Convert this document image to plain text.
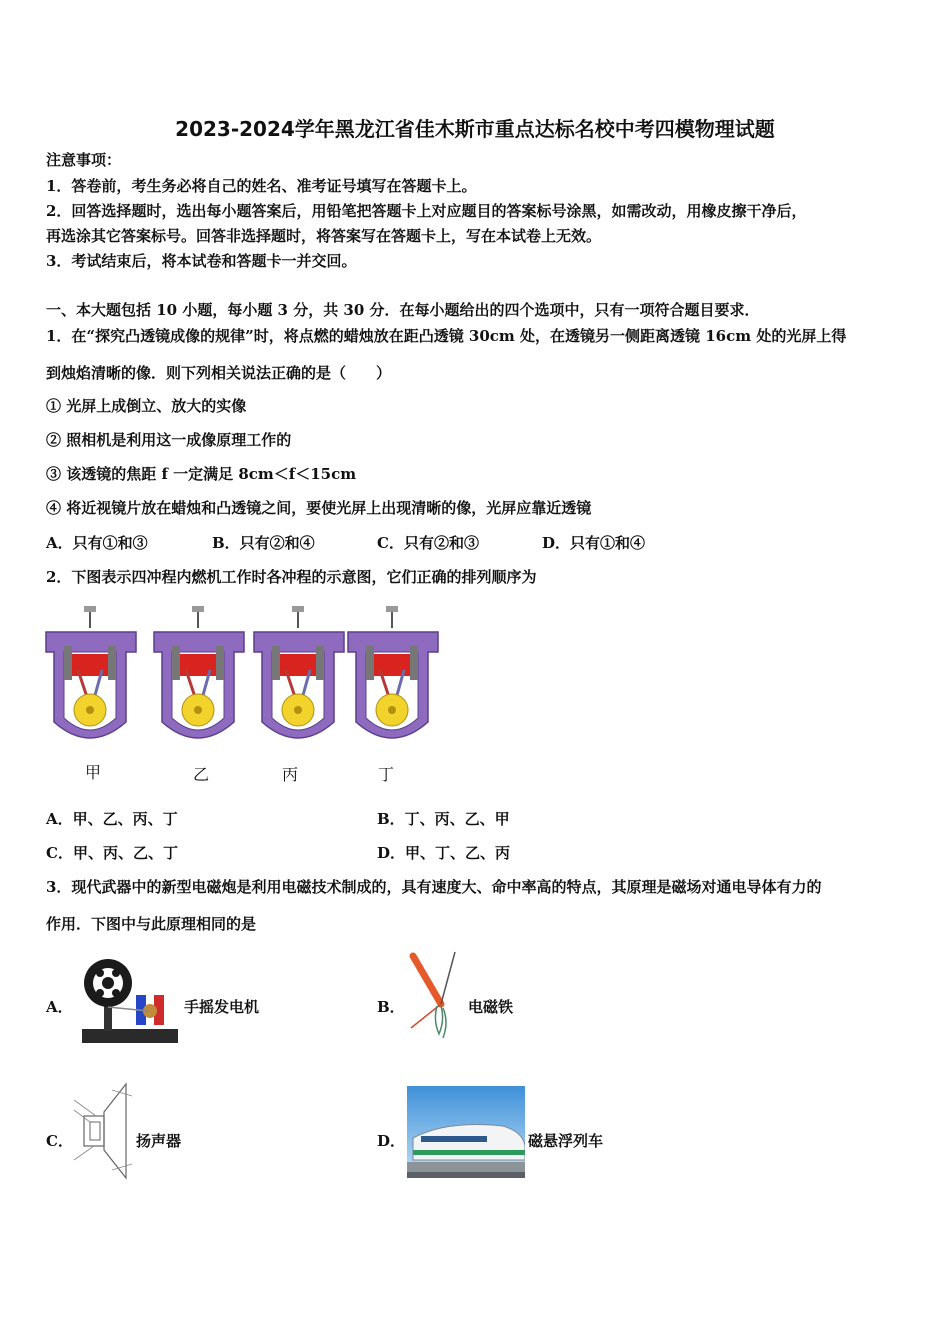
2023-2024学年黑龙江省佳木斯市重点达标名校中考四模物理试题
注意事项：
1．答卷前，考生务必将自己的姓名、准考证号填写在答题卡上。
2．回答选择题时，选出每小题答案后，用铅笔把答题卡上对应题目的答案标号涂黑，如需改动，用橡皮擦干净后，
再选涂其它答案标号。回答非选择题时，将答案写在答题卡上，写在本试卷上无效。
3．考试结束后，将本试卷和答题卡一并交回。
一、本大题包括 10 小题，每小题 3 分，共 30 分．在每小题给出的四个选项中，只有一项符合题目要求．
1．在“探究凸透镜成像的规律”时，将点燃的蜡烛放在距凸透镜 30cm 处，在透镜另一侧距离透镜 16cm 处的光屏上得
到烛焰清晰的像．则下列相关说法正确的是（　　）
① 光屏上成倒立、放大的实像
② 照相机是利用这一成像原理工作的
③ 该透镜的焦距 f 一定满足 8cm＜f＜15cm
④ 将近视镜片放在蜡烛和凸透镜之间，要使光屏上出现清晰的像，光屏应靠近透镜
A．只有①和③	B．只有②和④	C．只有②和③	D．只有①和④
2．下图表示四冲程内燃机工作时各冲程的示意图，它们正确的排列顺序为
甲	乙	丙	丁
A．甲、乙、丙、丁	B．丁、丙、乙、甲
C．甲、丙、乙、丁	D．甲、丁、乙、丙
3．现代武器中的新型电磁炮是利用电磁技术制成的，具有速度大、命中率高的特点，其原理是磁场对通电导体有力的
作用．下图中与此原理相同的是
A．	手摇发电机	B．	电磁铁
C．	扬声器	D．	磁悬浮列车
